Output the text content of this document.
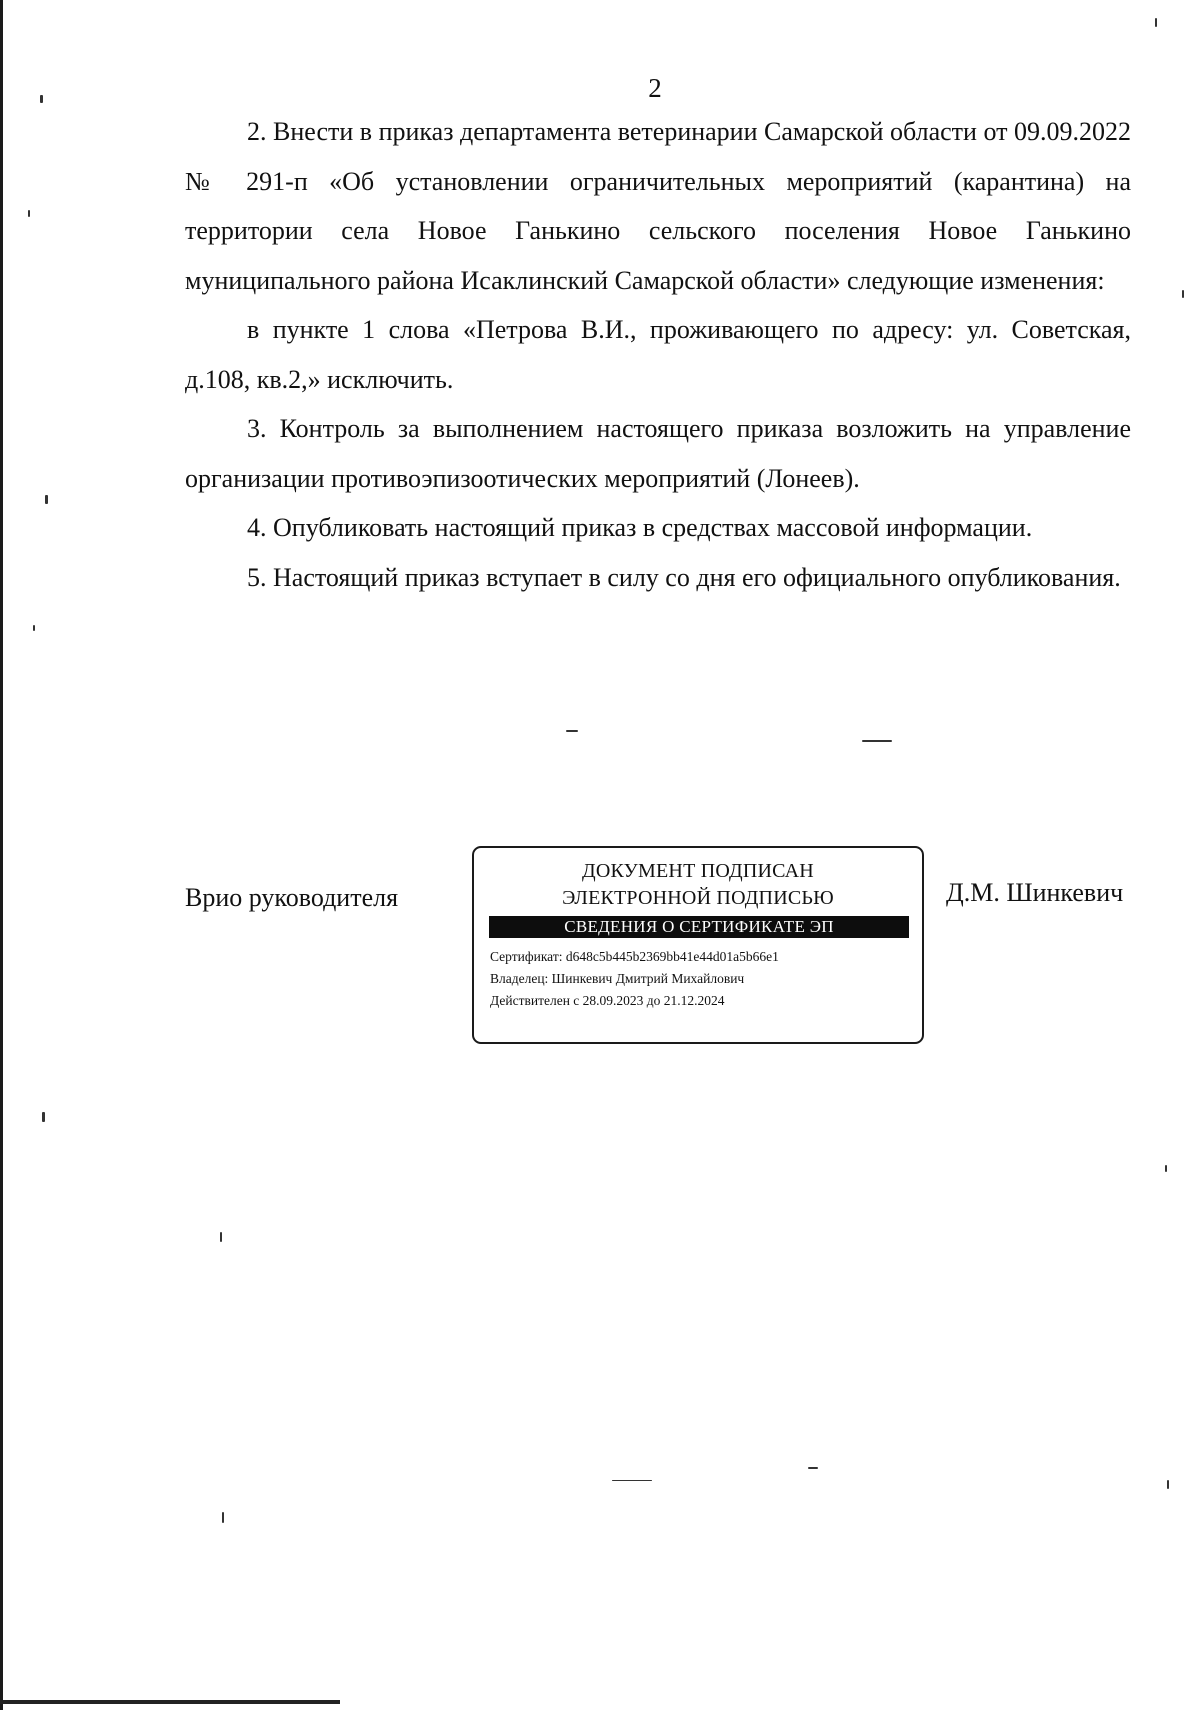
2

2. Внести в приказ департамента ветеринарии Самарской области от 09.09.2022 № 291-п «Об установлении ограничительных мероприятий (карантина) на территории села Новое Ганькино сельского поселения Новое Ганькино муниципального района Исаклинский Самарской области» следующие изменения:

в пункте 1 слова «Петрова В.И., проживающего по адресу: ул. Советская, д.108, кв.2,» исключить.

3. Контроль за выполнением настоящего приказа возложить на управление организации противоэпизоотических мероприятий (Лонеев).

4. Опубликовать настоящий приказ в средствах массовой информации.

5. Настоящий приказ вступает в силу со дня его официального опубликования.

Врио руководителя
ДОКУМЕНТ ПОДПИСАН
ЭЛЕКТРОННОЙ ПОДПИСЬЮ
СВЕДЕНИЯ О СЕРТИФИКАТЕ ЭП
Сертификат: d648c5b445b2369bb41e44d01a5b66e1
Владелец: Шинкевич Дмитрий Михайлович
Действителен с 28.09.2023 до 21.12.2024
Д.М. Шинкевич
